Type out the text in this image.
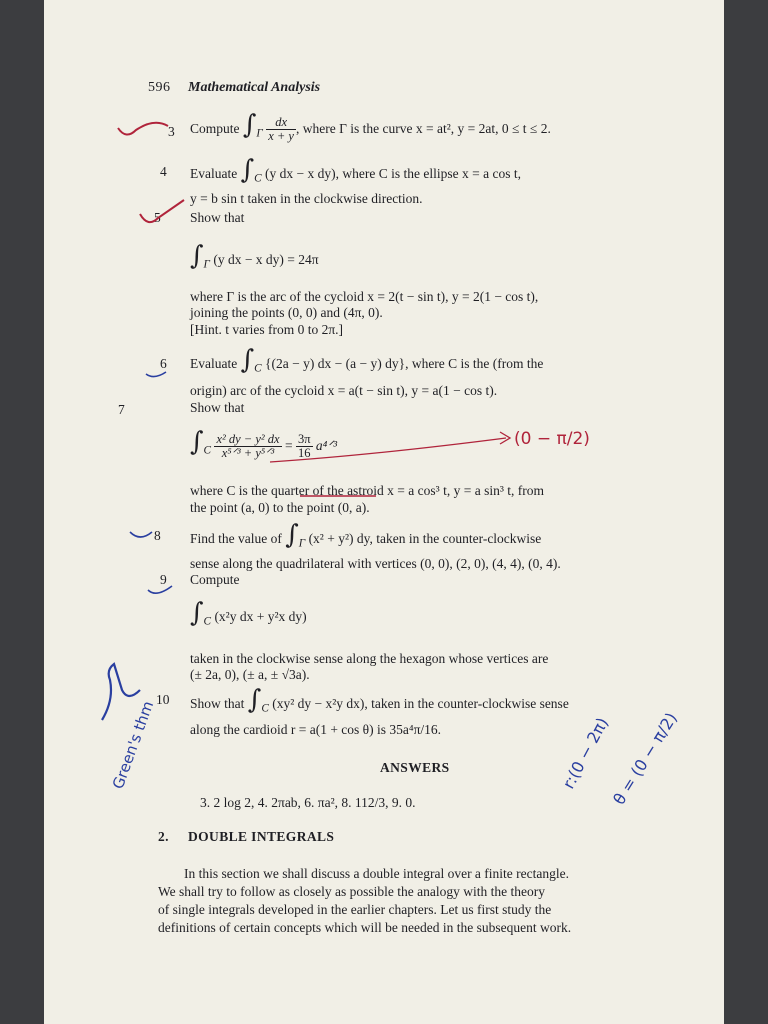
596 Mathematical Analysis
3 Compute $\int_\Gamma \frac{dx}{x + y}$ , where Γ is the curve x = at², y = 2at, 0 ≤ t ≤ 2.
4 Evaluate $\int_C$ (y dx − x dy), where C is the ellipse x = a cos t,
y = b sin t taken in the clockwise direction.
5 Show that
$\int_\Gamma$ (y dx − x dy) = 24π
where Γ is the arc of the cycloid x = 2(t − sin t), y = 2(1 − cos t),
joining the points (0, 0) and (4π, 0).
[Hint. t varies from 0 to 2π.]
6 Evaluate $\int_C$ {(2a − y) dx − (a − y) dy}, where C is the (from the
origin) arc of the cycloid x = a(t − sin t), y = a(1 − cos t).
7	Show that
$\int_C \frac{\text{x² dy − y² dx}}{\text{x⁵ᐟ³ + y⁵ᐟ³}} = \frac{3\pi}{16}$ a⁴ᐟ³
where C is the quarter of the astroid x = a cos³ t, y = a sin³ t, from
the point (a, 0) to the point (0, a).
8 Find the value of $\int_\Gamma$ (x² + y²) dy, taken in the counter-clockwise
sense along the quadrilateral with vertices (0, 0), (2, 0), (4, 4), (0, 4).
9 Compute
$\int_C$ (x²y dx + y²x dy)
taken in the clockwise sense along the hexagon whose vertices are
(± 2a, 0), (± a, ± √3a).
10 Show that $\int_C$ (xy² dy − x²y dx), taken in the counter-clockwise sense
along the cardioid r = a(1 + cos θ) is 35a⁴π/16.
ANSWERS
3. 2 log 2, 4. 2πab, 6. πa², 8. 112/3, 9. 0.
2. DOUBLE INTEGRALS
In this section we shall discuss a double integral over a finite rectangle.
We shall try to follow as closely as possible the analogy with the theory
of single integrals developed in the earlier chapters. Let us first study the
definitions of certain concepts which will be needed in the subsequent work.
(0 − π/2)
r:(0 − 2π)
θ = (0 − π/2)
Green's thm
